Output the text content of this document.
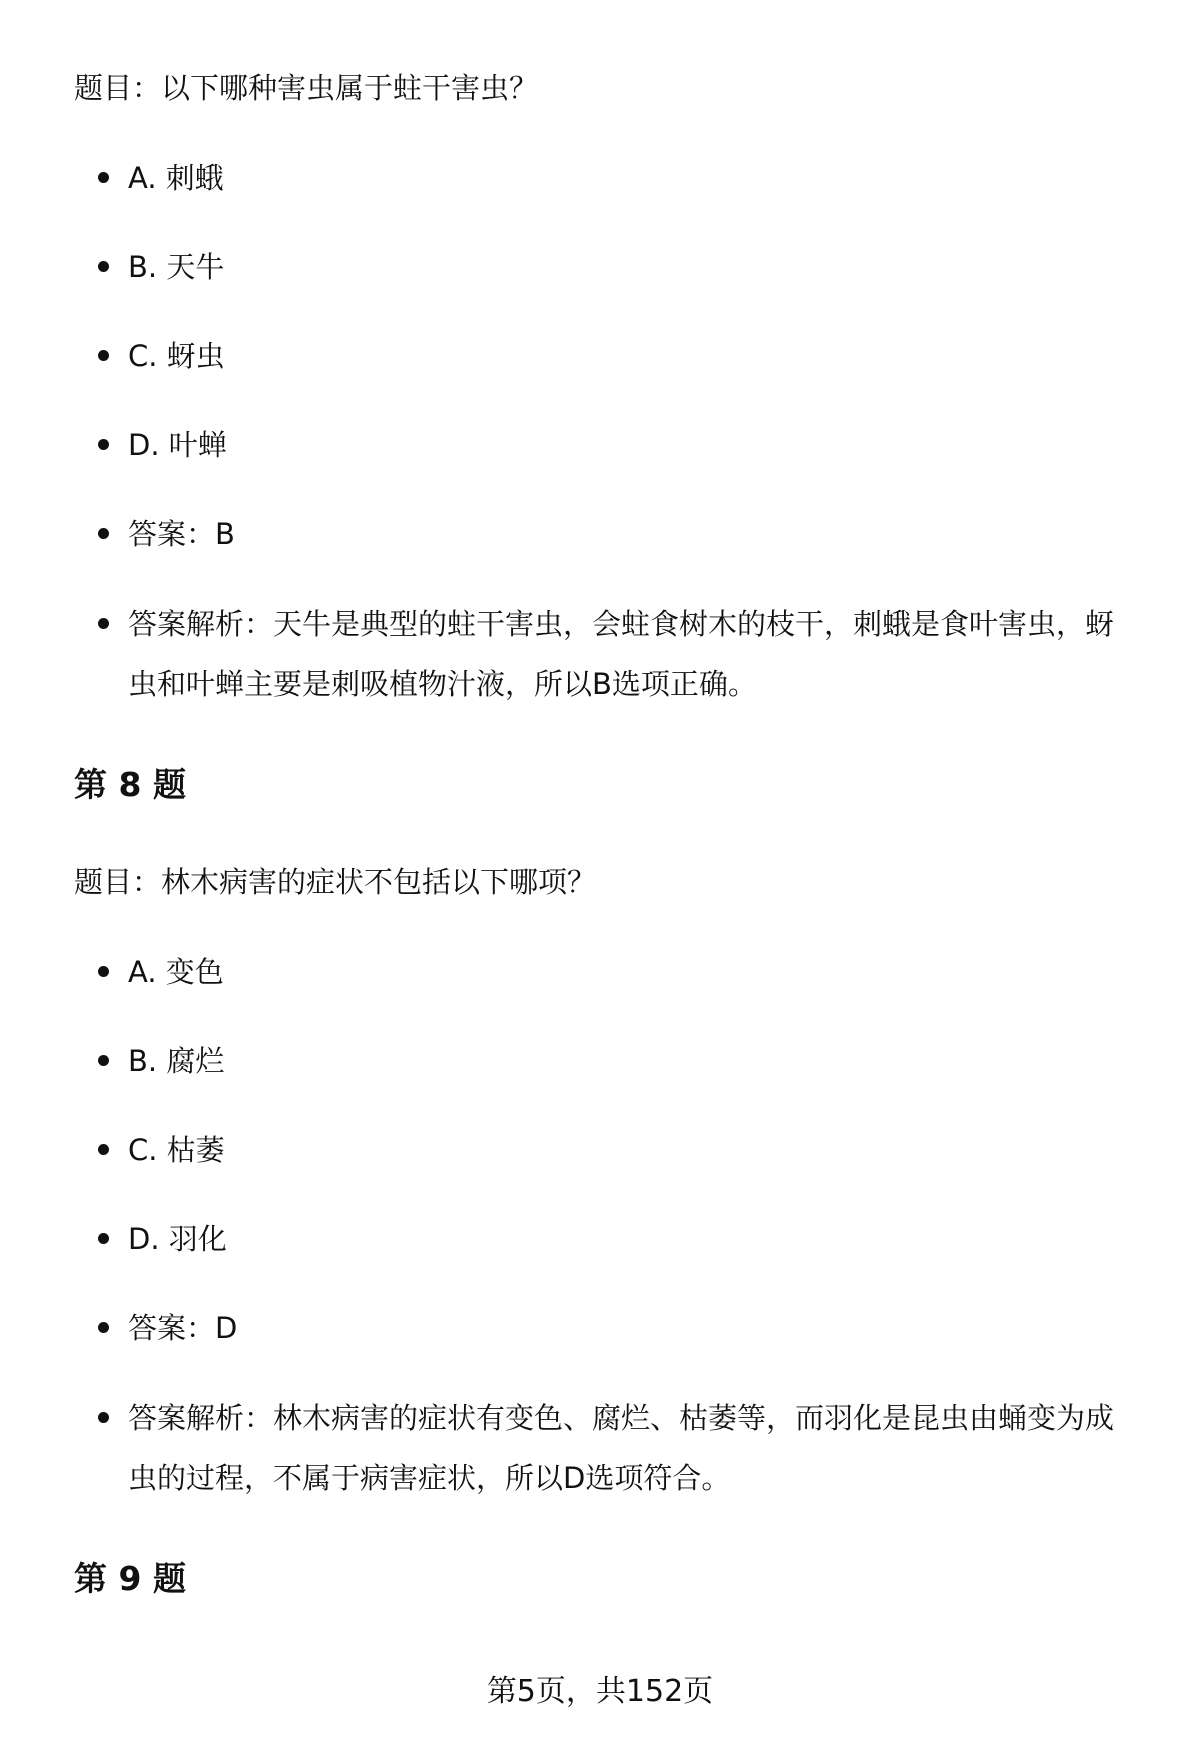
题目：以下哪种害虫属于蛀干害虫？

A. 刺蛾
B. 天牛
C. 蚜虫
D. 叶蝉
答案：B
答案解析：天牛是典型的蛀干害虫，会蛀食树木的枝干，刺蛾是食叶害虫，蚜虫和叶蝉主要是刺吸植物汁液，所以B选项正确。
第 8 题

题目：林木病害的症状不包括以下哪项？

A. 变色
B. 腐烂
C. 枯萎
D. 羽化
答案：D
答案解析：林木病害的症状有变色、腐烂、枯萎等，而羽化是昆虫由蛹变为成虫的过程，不属于病害症状，所以D选项符合。
第 9 题
第5页，共152页
